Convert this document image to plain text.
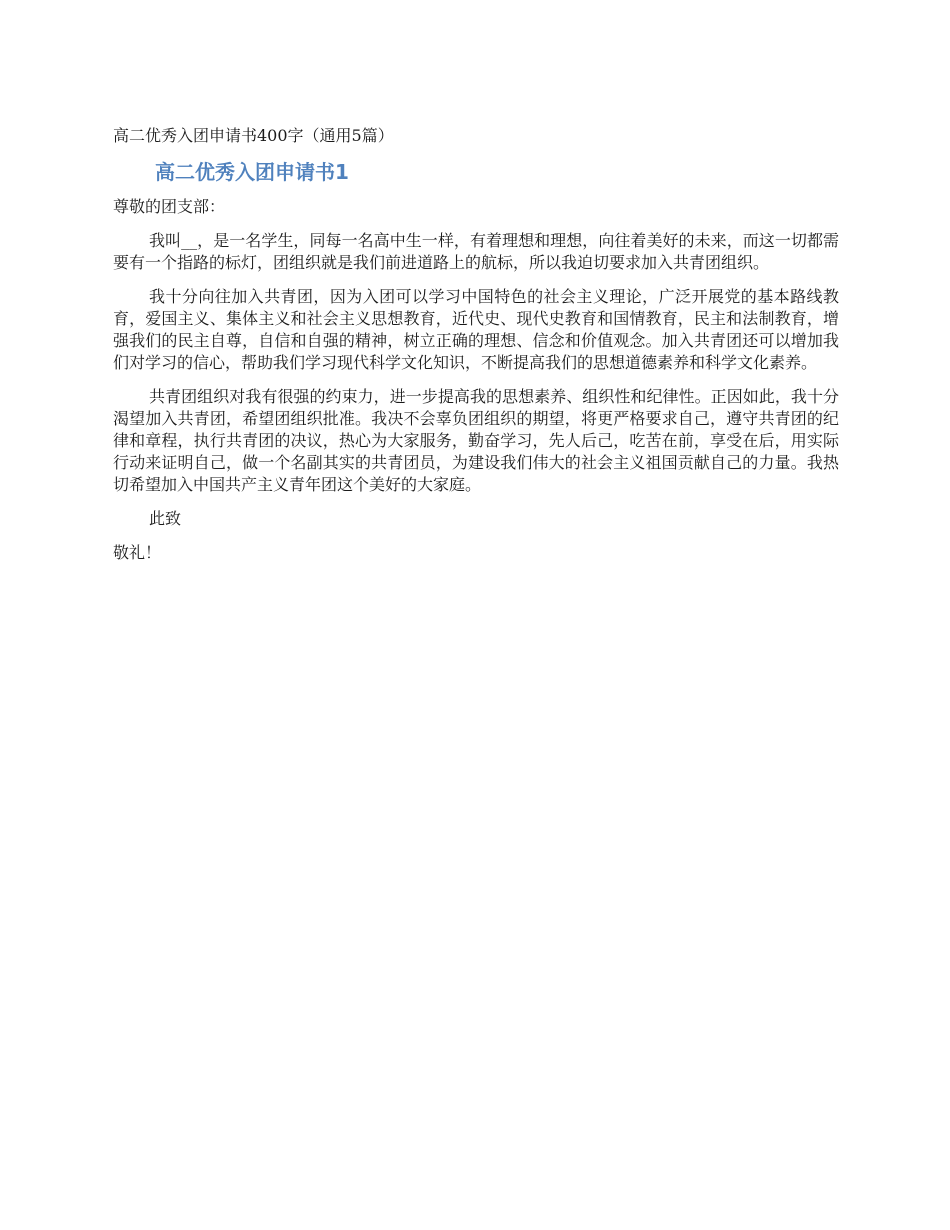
高二优秀入团申请书400字（通用5篇）

高二优秀入团申请书1

尊敬的团支部：

我叫__，是一名学生，同每一名高中生一样，有着理想和理想，向往着美好的未来，而这一切都需要有一个指路的标灯，团组织就是我们前进道路上的航标，所以我迫切要求加入共青团组织。

我十分向往加入共青团，因为入团可以学习中国特色的社会主义理论，广泛开展党的基本路线教育，爱国主义、集体主义和社会主义思想教育，近代史、现代史教育和国情教育，民主和法制教育，增强我们的民主自尊，自信和自强的精神，树立正确的理想、信念和价值观念。加入共青团还可以增加我们对学习的信心，帮助我们学习现代科学文化知识，不断提高我们的思想道德素养和科学文化素养。

共青团组织对我有很强的约束力，进一步提高我的思想素养、组织性和纪律性。正因如此，我十分渴望加入共青团，希望团组织批准。我决不会辜负团组织的期望，将更严格要求自己，遵守共青团的纪律和章程，执行共青团的决议，热心为大家服务，勤奋学习，先人后己，吃苦在前，享受在后，用实际行动来证明自己，做一个名副其实的共青团员，为建设我们伟大的社会主义祖国贡献自己的力量。我热切希望加入中国共产主义青年团这个美好的大家庭。

此致

敬礼！
